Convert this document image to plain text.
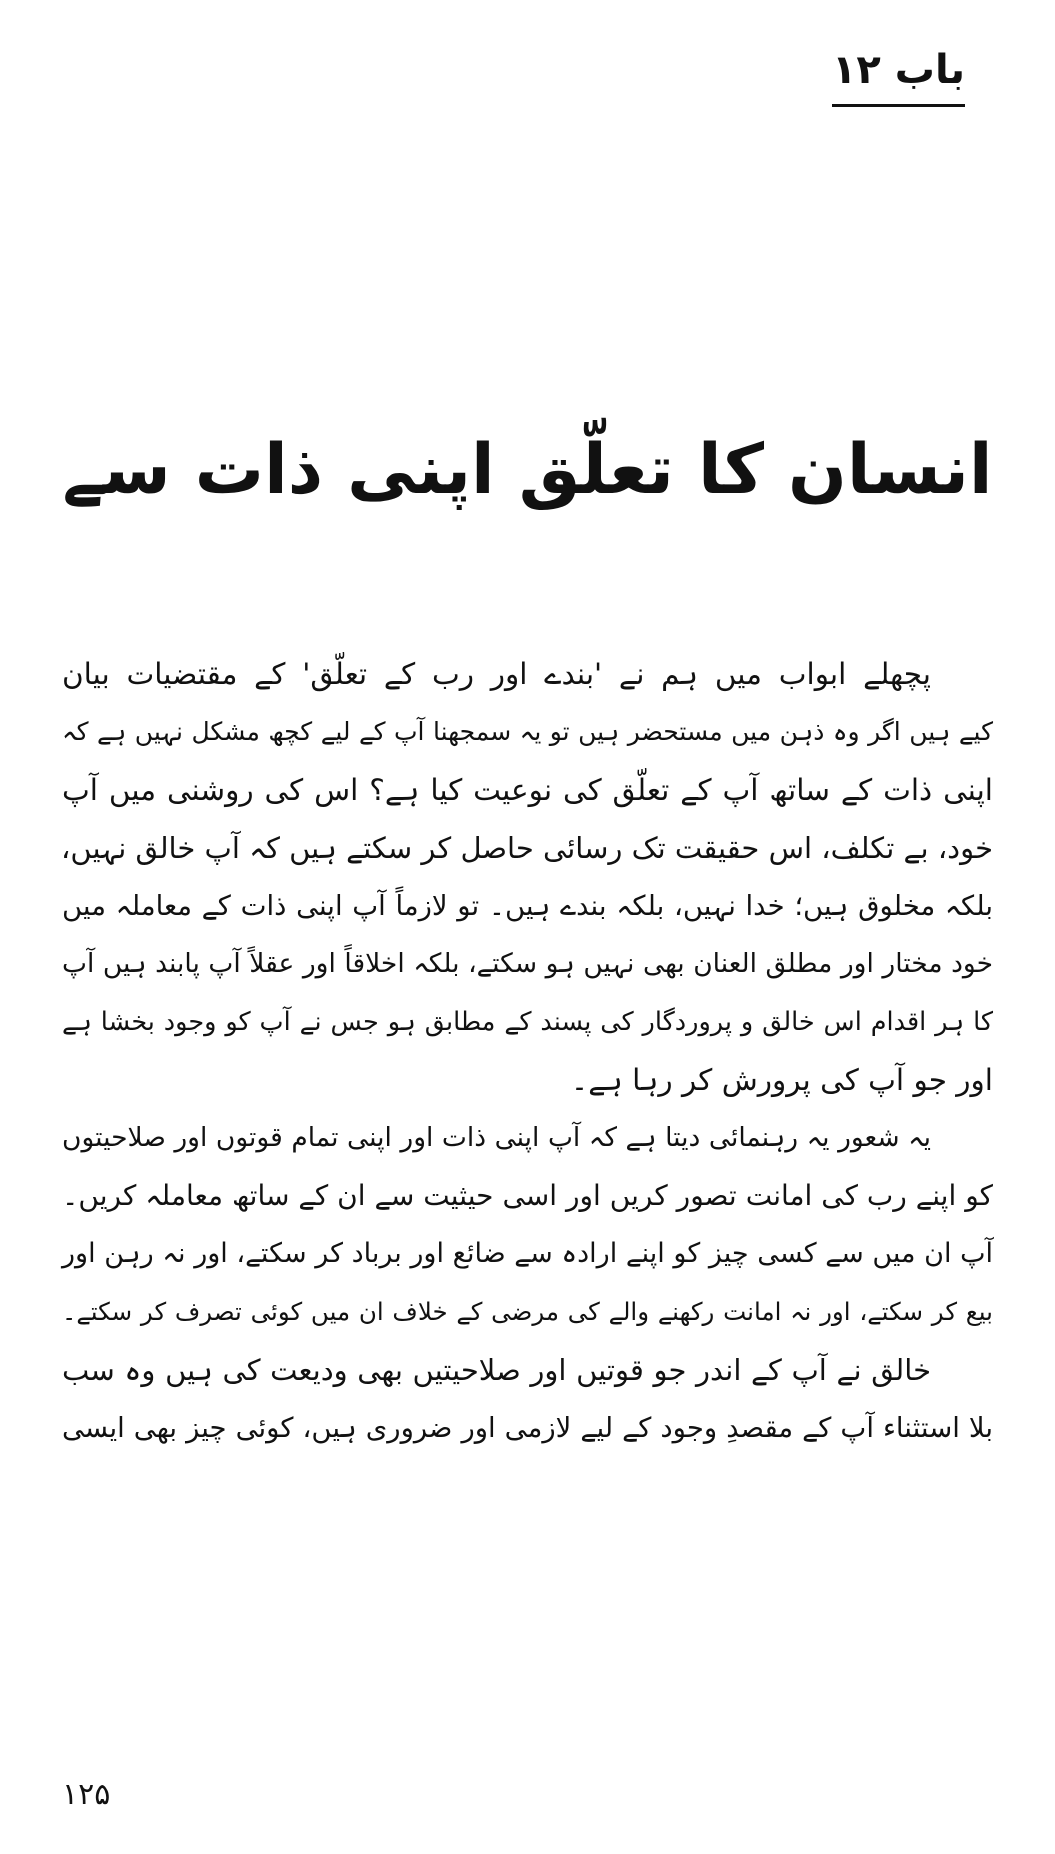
باب ۱۲
انسان کا تعلّق اپنی ذات سے
پچھلے ابواب میں ہم نے 'بندے اور رب کے تعلّق' کے مقتضیات بیان
کیے ہیں اگر وہ ذہن میں مستحضر ہیں تو یہ سمجھنا آپ کے لیے کچھ مشکل نہیں ہے کہ
اپنی ذات کے ساتھ آپ کے تعلّق کی نوعیت کیا ہے؟ اس کی روشنی میں آپ
خود، بے تکلف، اس حقیقت تک رسائی حاصل کر سکتے ہیں کہ آپ خالق نہیں،
بلکہ مخلوق ہیں؛ خدا نہیں، بلکہ بندے ہیں۔ تو لازماً آپ اپنی ذات کے معاملہ میں
خود مختار اور مطلق العنان بھی نہیں ہو سکتے، بلکہ اخلاقاً اور عقلاً آپ پابند ہیں آپ
کا ہر اقدام اس خالق و پروردگار کی پسند کے مطابق ہو جس نے آپ کو وجود بخشا ہے
اور جو آپ کی پرورش کر رہا ہے۔
یہ شعور یہ رہنمائی دیتا ہے کہ آپ اپنی ذات اور اپنی تمام قوتوں اور صلاحیتوں
کو اپنے رب کی امانت تصور کریں اور اسی حیثیت سے ان کے ساتھ معاملہ کریں۔
آپ ان میں سے کسی چیز کو اپنے ارادہ سے ضائع اور برباد کر سکتے، اور نہ رہن اور
بیع کر سکتے، اور نہ امانت رکھنے والے کی مرضی کے خلاف ان میں کوئی تصرف کر سکتے۔
خالق نے آپ کے اندر جو قوتیں اور صلاحیتیں بھی ودیعت کی ہیں وہ سب
بلا استثناء آپ کے مقصدِ وجود کے لیے لازمی اور ضروری ہیں، کوئی چیز بھی ایسی
۱۲۵
